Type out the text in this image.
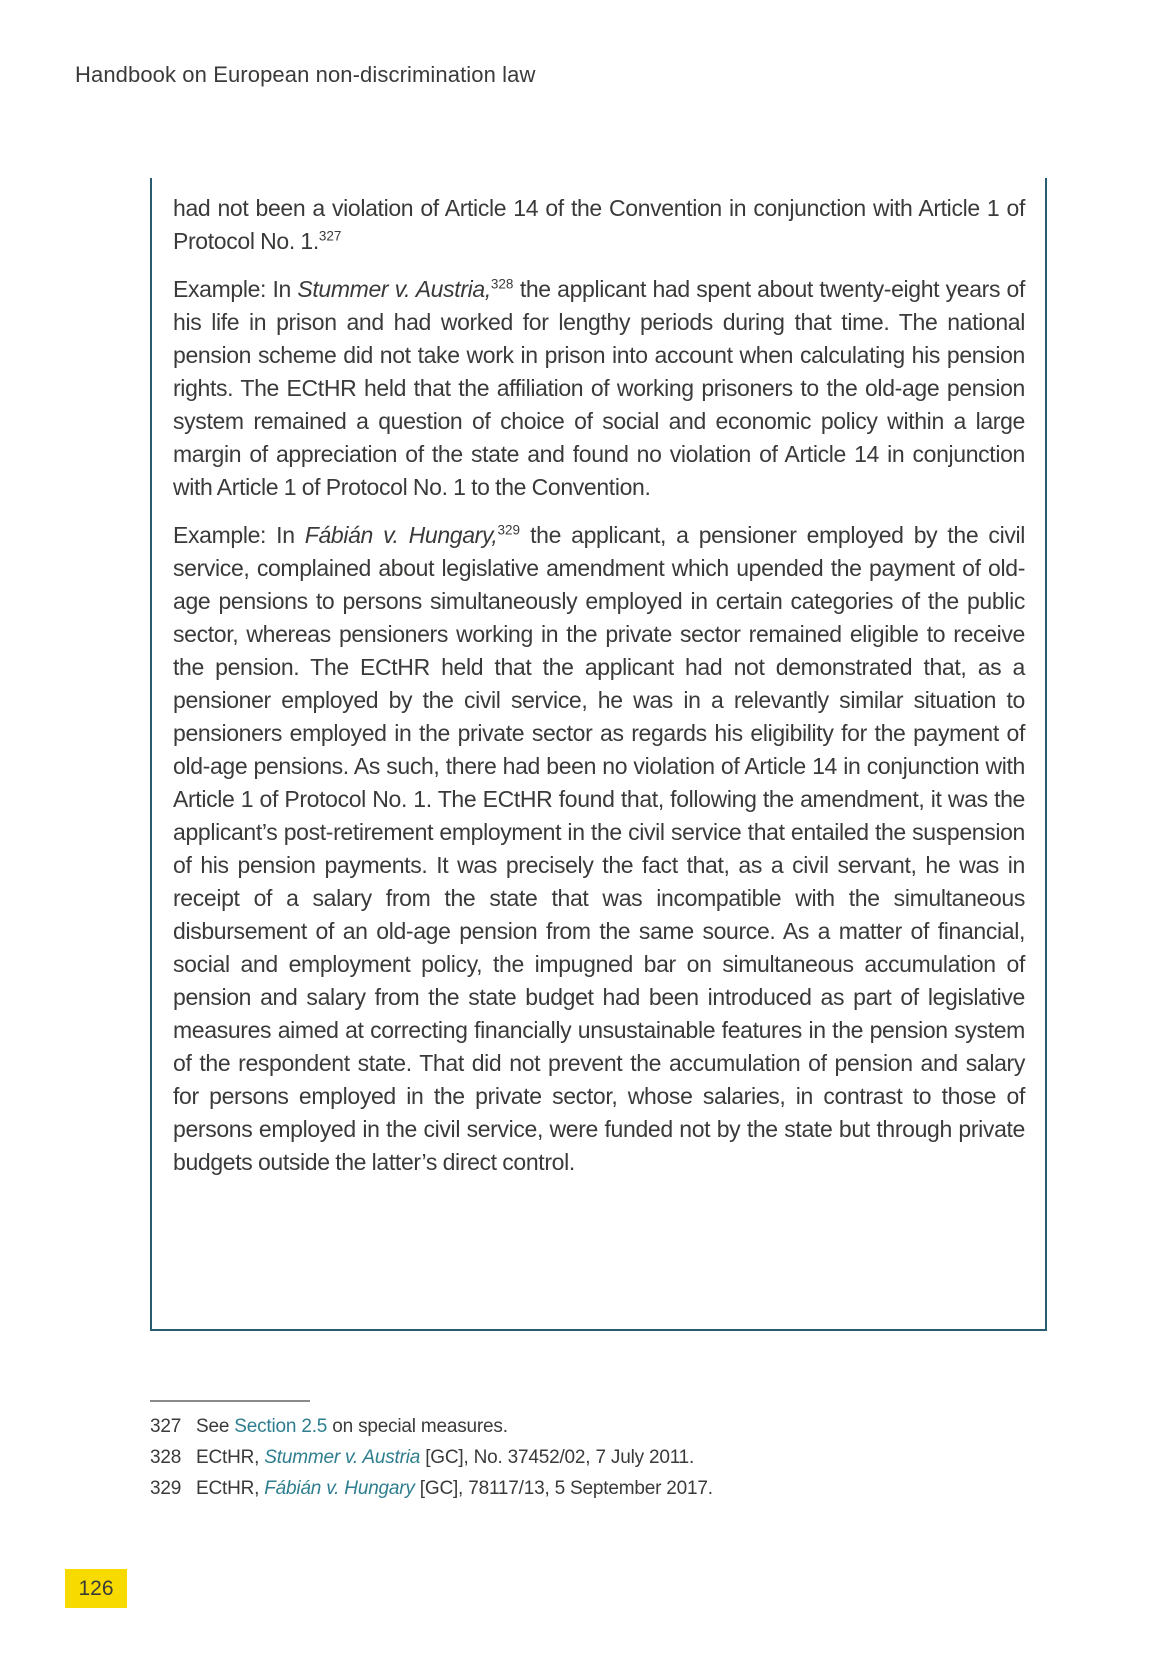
Handbook on European non-discrimination law

had not been a violation of Article 14 of the Convention in conjunction with Article 1 of Protocol No. 1.$^{327}$

Example: In Stummer v. Austria,$^{328}$ the applicant had spent about twenty-eight years of his life in prison and had worked for lengthy periods during that time. The national pension scheme did not take work in prison into account when calculating his pension rights. The ECtHR held that the affiliation of working prisoners to the old-age pension system remained a question of choice of social and economic policy within a large margin of appreciation of the state and found no violation of Article 14 in conjunction with Article 1 of Protocol No. 1 to the Convention.

Example: In Fábián v. Hungary,$^{329}$ the applicant, a pensioner employed by the civil service, complained about legislative amendment which upended the payment of old-age pensions to persons simultaneously employed in certain categories of the public sector, whereas pensioners working in the private sector remained eligible to receive the pension. The ECtHR held that the applicant had not demonstrated that, as a pensioner employed by the civil service, he was in a relevantly similar situation to pensioners employed in the private sector as regards his eligibility for the payment of old-age pensions. As such, there had been no violation of Article 14 in conjunction with Article 1 of Protocol No. 1. The ECtHR found that, following the amendment, it was the applicant’s post-retirement employment in the civil service that entailed the suspension of his pension payments. It was precisely the fact that, as a civil servant, he was in receipt of a salary from the state that was incompatible with the simultaneous disbursement of an old-age pension from the same source. As a matter of financial, social and employment policy, the impugned bar on simultaneous accumulation of pension and salary from the state budget had been introduced as part of legislative measures aimed at correcting financially unsustainable features in the pension system of the respondent state. That did not prevent the accumulation of pension and salary for persons employed in the private sector, whose salaries, in contrast to those of persons employed in the civil service, were funded not by the state but through private budgets outside the latter’s direct control.

327 See Section 2.5 on special measures.
328 ECtHR, Stummer v. Austria [GC], No. 37452/02, 7 July 2011.
329 ECtHR, Fábián v. Hungary [GC], 78117/13, 5 September 2017.
126
